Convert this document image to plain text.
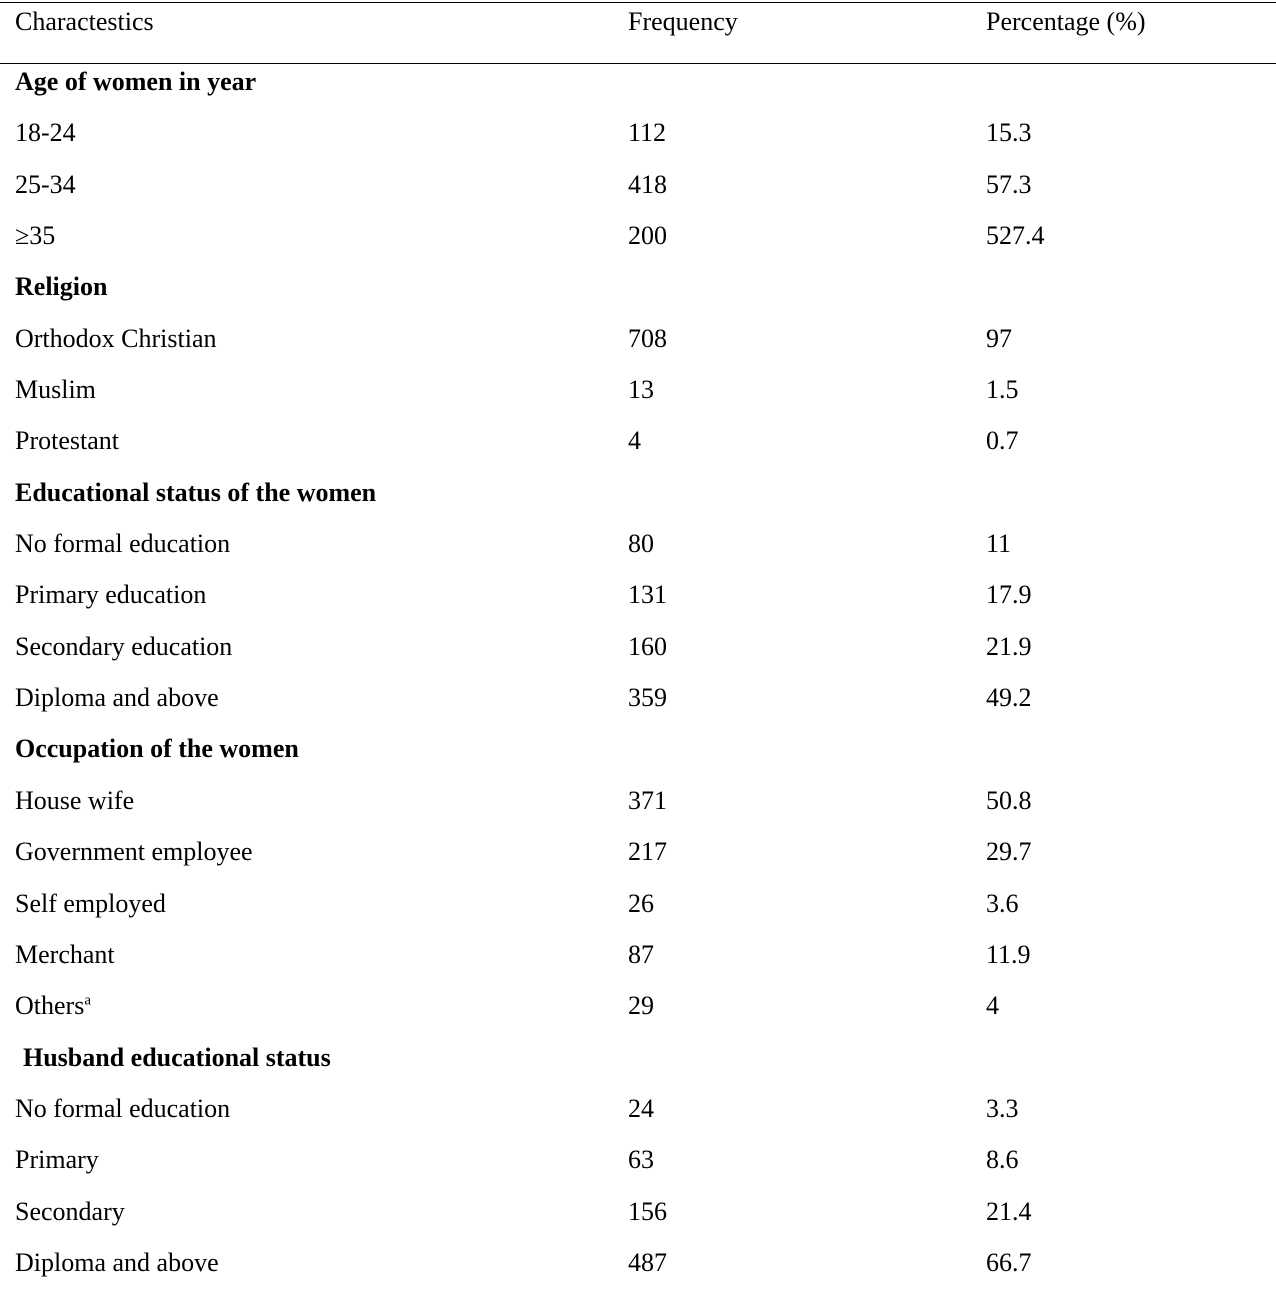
Charactestics	Frequency	Percentage (%)
Age of women in year
18-24	112	15.3
25-34	418	57.3
≥35	200	527.4
Religion
Orthodox Christian	708	97
Muslim	13	1.5
Protestant	4	0.7
Educational status of the women
No formal education	80	11
Primary education	131	17.9
Secondary education	160	21.9
Diploma and above	359	49.2
Occupation of the women
House wife	371	50.8
Government employee	217	29.7
Self employed	26	3.6
Merchant	87	11.9
Others$^a$	29	4
Husband educational status
No formal education	24	3.3
Primary	63	8.6
Secondary	156	21.4
Diploma and above	487	66.7
